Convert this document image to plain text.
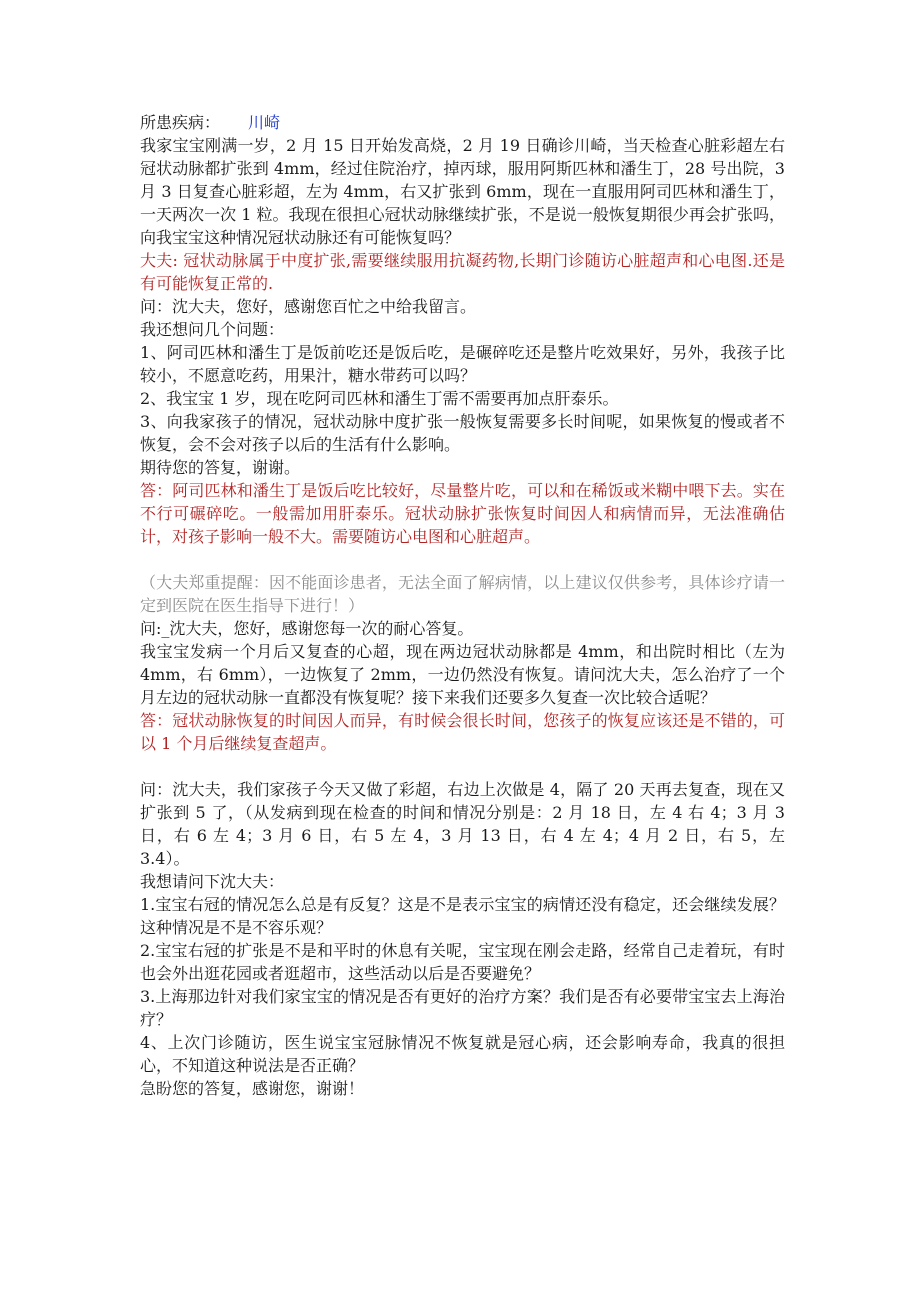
所患疾病： 川崎

我家宝宝刚满一岁，2 月 15 日开始发高烧，2 月 19 日确诊川崎，当天检查心脏彩超左右冠状动脉都扩张到 4mm，经过住院治疗，掉丙球，服用阿斯匹林和潘生丁，28 号出院，3 月 3 日复查心脏彩超，左为 4mm，右又扩张到 6mm，现在一直服用阿司匹林和潘生丁，一天两次一次 1 粒。我现在很担心冠状动脉继续扩张，不是说一般恢复期很少再会扩张吗，向我宝宝这种情况冠状动脉还有可能恢复吗？

大夫: 冠状动脉属于中度扩张,需要继续服用抗凝药物,长期门诊随访心脏超声和心电图.还是有可能恢复正常的.

问：沈大夫，您好，感谢您百忙之中给我留言。

我还想问几个问题：

1、阿司匹林和潘生丁是饭前吃还是饭后吃，是碾碎吃还是整片吃效果好，另外，我孩子比较小，不愿意吃药，用果汁，糖水带药可以吗？

2、我宝宝 1 岁，现在吃阿司匹林和潘生丁需不需要再加点肝泰乐。

3、向我家孩子的情况，冠状动脉中度扩张一般恢复需要多长时间呢，如果恢复的慢或者不恢复，会不会对孩子以后的生活有什么影响。

期待您的答复，谢谢。

答：阿司匹林和潘生丁是饭后吃比较好，尽量整片吃，可以和在稀饭或米糊中喂下去。实在不行可碾碎吃。一般需加用肝泰乐。冠状动脉扩张恢复时间因人和病情而异，无法准确估计，对孩子影响一般不大。需要随访心电图和心脏超声。

（大夫郑重提醒：因不能面诊患者，无法全面了解病情，以上建议仅供参考，具体诊疗请一定到医院在医生指导下进行！）

问:_沈大夫，您好，感谢您每一次的耐心答复。

我宝宝发病一个月后又复查的心超，现在两边冠状动脉都是 4mm，和出院时相比（左为 4mm，右 6mm），一边恢复了 2mm，一边仍然没有恢复。请问沈大夫，怎么治疗了一个月左边的冠状动脉一直都没有恢复呢？接下来我们还要多久复查一次比较合适呢？

答：冠状动脉恢复的时间因人而异，有时候会很长时间，您孩子的恢复应该还是不错的，可以 1 个月后继续复查超声。

问：沈大夫，我们家孩子今天又做了彩超，右边上次做是 4，隔了 20 天再去复查，现在又扩张到 5 了，（从发病到现在检查的时间和情况分别是：2 月 18 日，左 4 右 4；3 月 3 日，右 6 左 4；3 月 6 日，右 5 左 4，3 月 13 日，右 4 左 4；4 月 2 日，右 5，左 3.4）。

我想请问下沈大夫：

1.宝宝右冠的情况怎么总是有反复？这是不是表示宝宝的病情还没有稳定，还会继续发展？这种情况是不是不容乐观？

2.宝宝右冠的扩张是不是和平时的休息有关呢，宝宝现在刚会走路，经常自己走着玩，有时也会外出逛花园或者逛超市，这些活动以后是否要避免？

3.上海那边针对我们家宝宝的情况是否有更好的治疗方案？我们是否有必要带宝宝去上海治疗？

4、上次门诊随访，医生说宝宝冠脉情况不恢复就是冠心病，还会影响寿命，我真的很担心，不知道这种说法是否正确？

急盼您的答复，感谢您，谢谢！
